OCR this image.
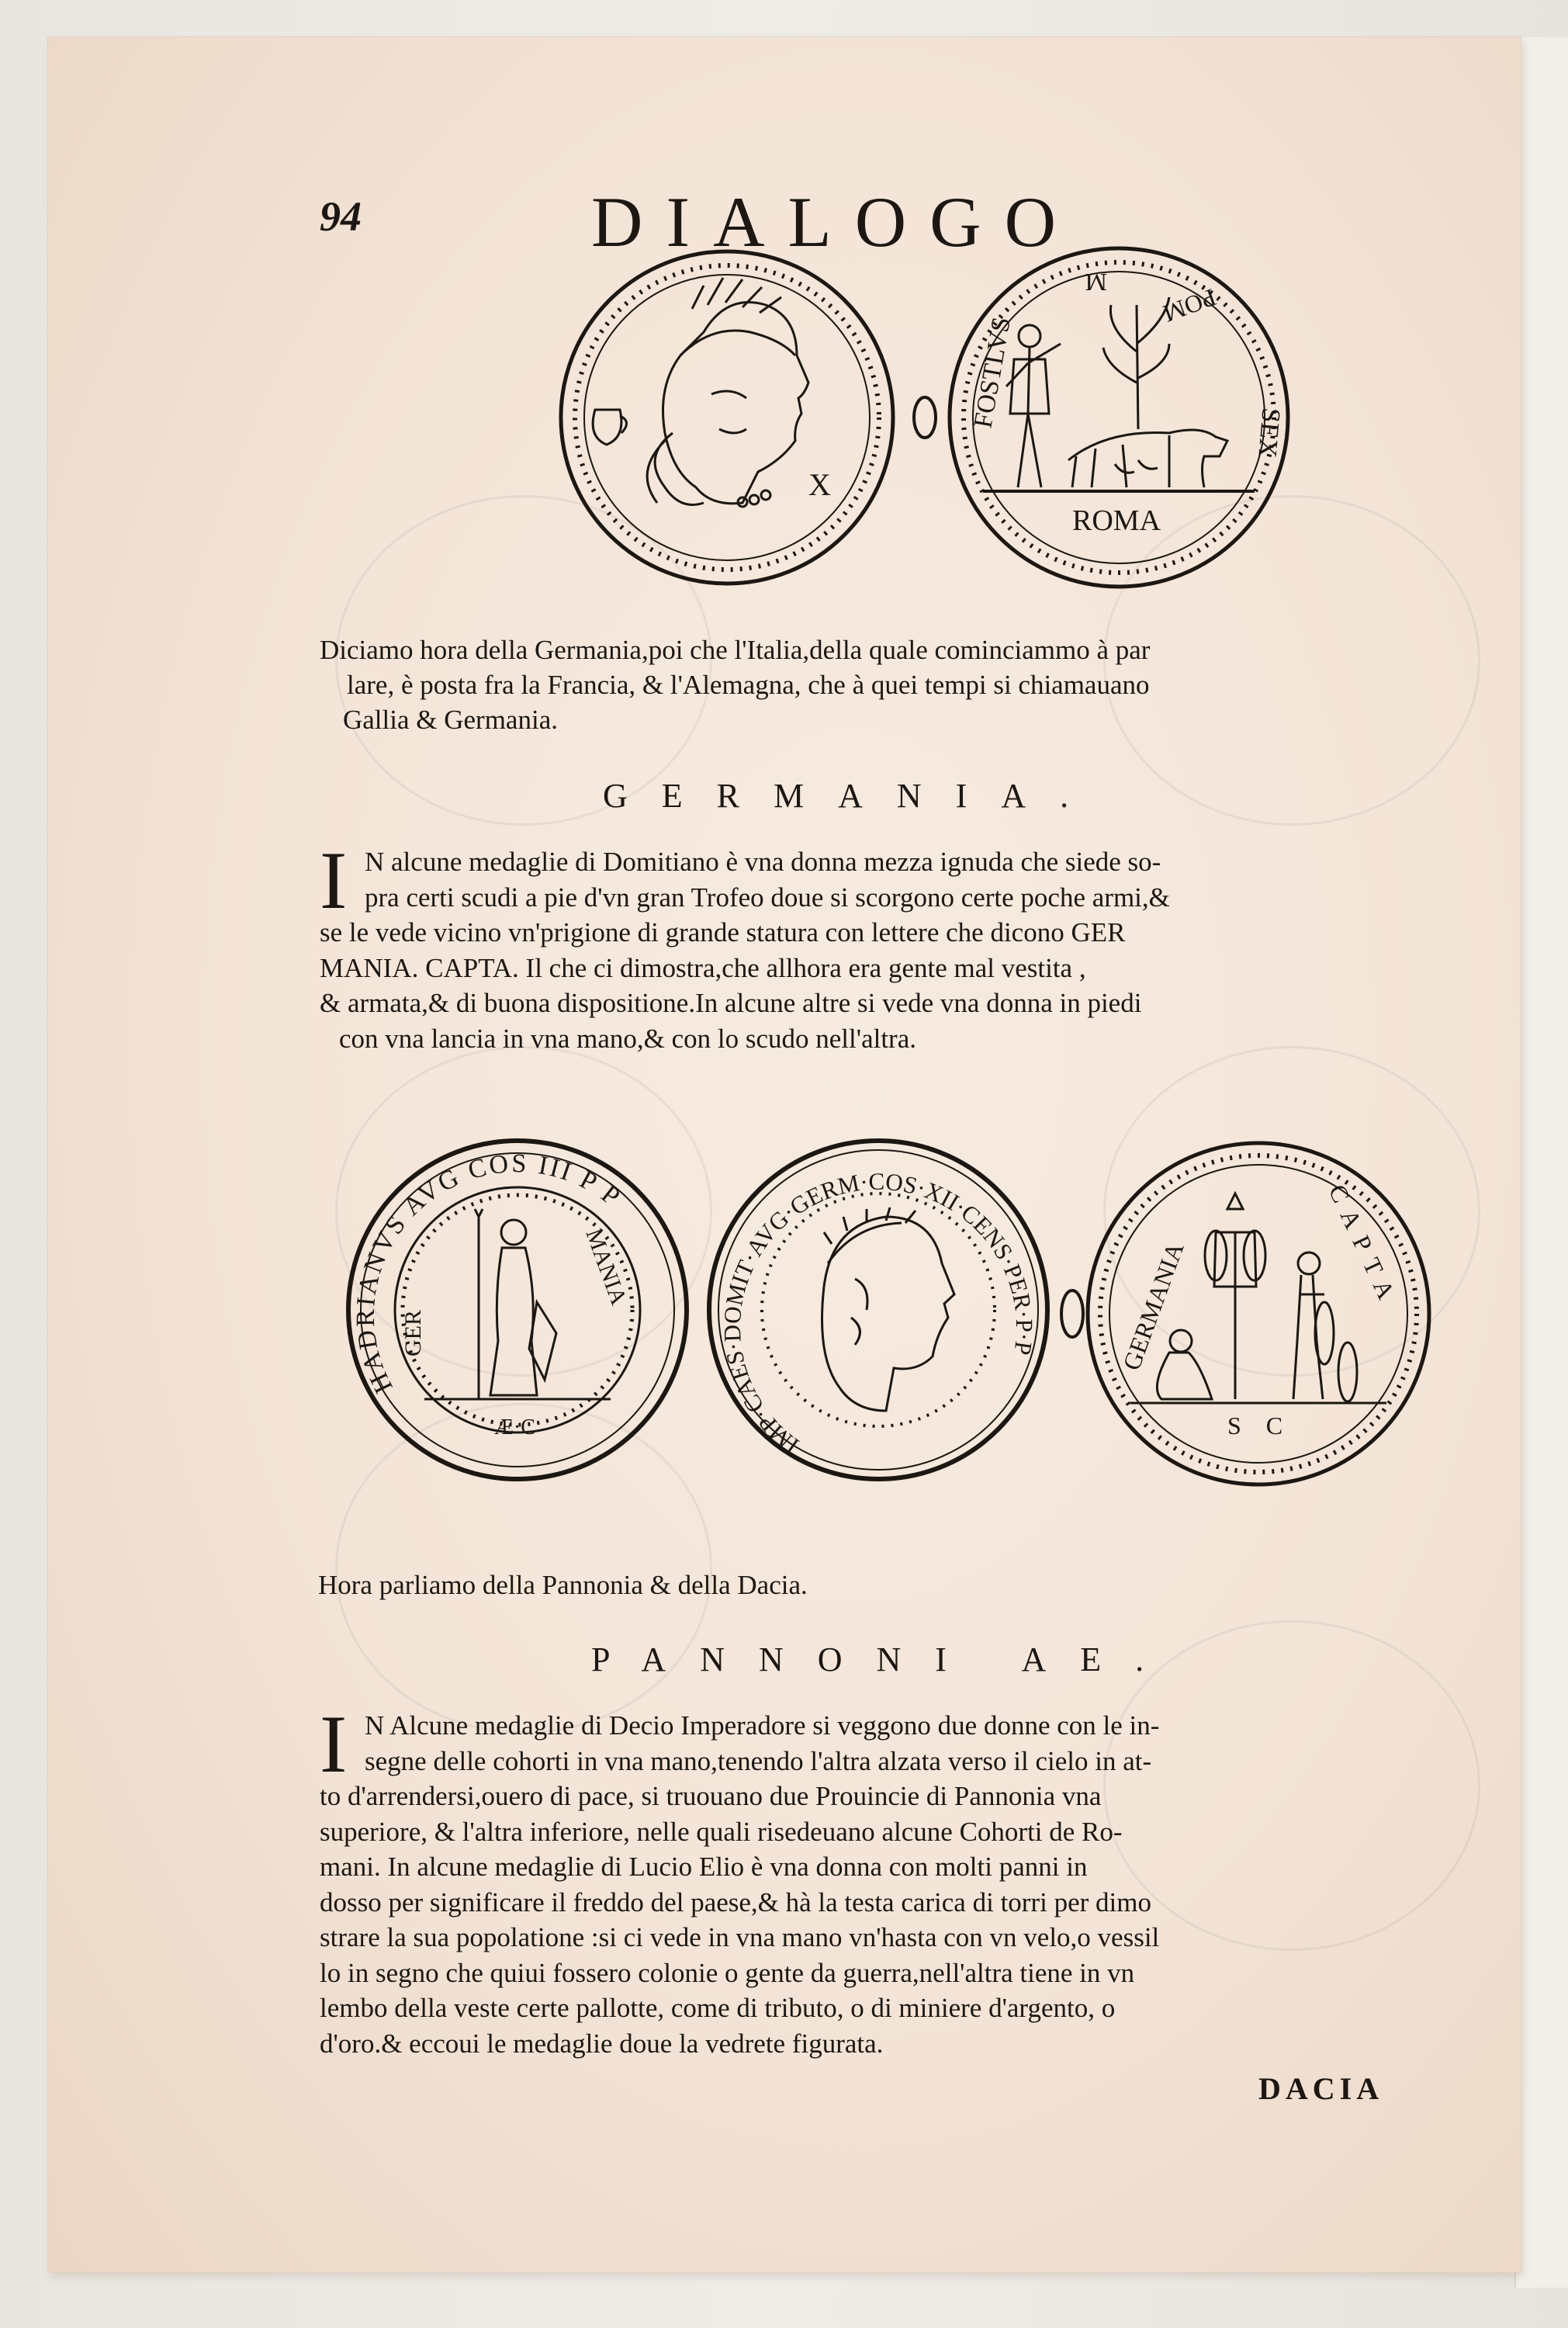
94	DIALOGO
X
FOSTLVS
M
POM
SEX
ROMA
Diciamo hora della Germania,poi che l'Italia,della quale cominciammo à par
lare, è posta fra la Francia, & l'Alemagna, che à quei tempi si chiamauano
Gallia & Germania.
GERMANIA.
I N alcune medaglie di Domitiano è vna donna mezza ignuda che siede so-
pra certi scudi a pie d'vn gran Trofeo doue si scorgono certe poche armi,&
se le vede vicino vn'prigione di grande statura con lettere che dicono GER
MANIA. CAPTA. Il che ci dimostra,che allhora era gente mal vestita ,
& armata,& di buona dispositione.In alcune altre si vede vna donna in piedi
con vna lancia in vna mano,& con lo scudo nell'altra.
HADRIANVS AVG COS III P P
GER
MANIA
Æ·C
IMP·CAES·DOMIT·AVG·GERM·COS·XII·CENS·PER·P·P	GERMANIA	CAPTA
S C
Hora parliamo della Pannonia & della Dacia.
PANNONI AE.
I N Alcune medaglie di Decio Imperadore si veggono due donne con le in-
segne delle cohorti in vna mano,tenendo l'altra alzata verso il cielo in at-
to d'arrendersi,ouero di pace, si truouano due Prouincie di Pannonia vna
superiore, & l'altra inferiore, nelle quali risedeuano alcune Cohorti de Ro-
mani. In alcune medaglie di Lucio Elio è vna donna con molti panni in
dosso per significare il freddo del paese,& hà la testa carica di torri per dimo
strare la sua popolatione :si ci vede in vna mano vn'hasta con vn velo,o vessil
lo in segno che quiui fossero colonie o gente da guerra,nell'altra tiene in vn
lembo della veste certe pallotte, come di tributo, o di miniere d'argento, o
d'oro.& eccoui le medaglie doue la vedrete figurata.
DACIA
